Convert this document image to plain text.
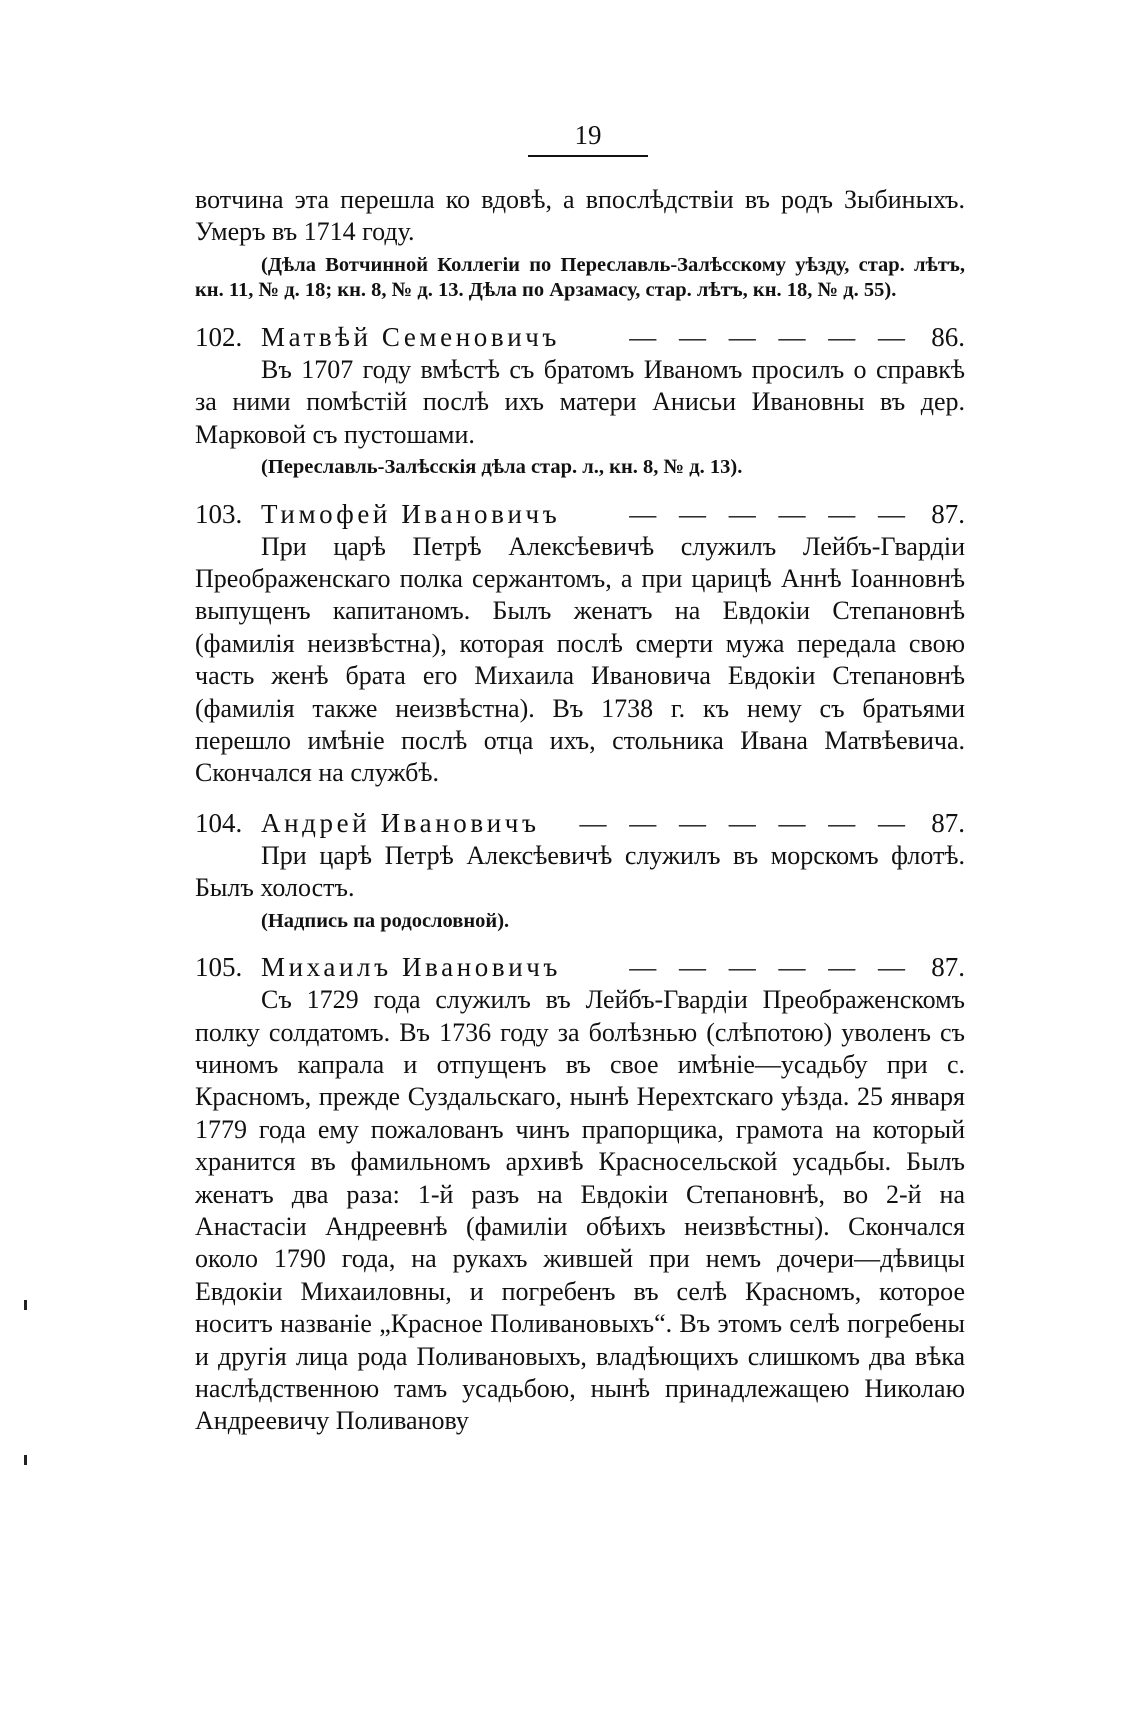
19

вотчина эта перешла ко вдовѣ, а впослѣдствіи въ родъ Зыбиныхъ. Умеръ въ 1714 году.

(Дѣла Вотчинной Коллегіи по Переславль-Залѣсскому уѣзду, стар. лѣтъ, кн. 11, № д. 18; кн. 8, № д. 13. Дѣла по Арзамасу, стар. лѣтъ, кн. 18, № д. 55).

102. Матвѣй Семеновичъ	— — — — — — 86.

Въ 1707 году вмѣстѣ съ братомъ Иваномъ просилъ о справкѣ за ними помѣстій послѣ ихъ матери Анисьи Ивановны въ дер. Марковой съ пустошами.

(Переславль-Залѣсскія дѣла стар. л., кн. 8, № д. 13).

103. Тимофей Ивановичъ	— — — — — — 87.

При царѣ Петрѣ Алексѣевичѣ служилъ Лейбъ-Гвардіи Преображенскаго полка сержантомъ, а при царицѣ Аннѣ Іоанновнѣ выпущенъ капитаномъ. Былъ женатъ на Евдокіи Степановнѣ (фамилія неизвѣстна), которая послѣ смерти мужа передала свою часть женѣ брата его Михаила Ивановича Евдокіи Степановнѣ (фамилія также неизвѣстна). Въ 1738 г. къ нему съ братьями перешло имѣніе послѣ отца ихъ, стольника Ивана Матвѣевича. Скончался на службѣ.

104. Андрей Ивановичъ	— — — — — — — 87.

При царѣ Петрѣ Алексѣевичѣ служилъ въ морскомъ флотѣ. Былъ холостъ.

(Надпись па родословной).

105. Михаилъ Ивановичъ	— — — — — — 87.

Съ 1729 года служилъ въ Лейбъ-Гвардіи Преображенскомъ полку солдатомъ. Въ 1736 году за болѣзнью (слѣпотою) уволенъ съ чиномъ капрала и отпущенъ въ свое имѣніе—усадьбу при с. Красномъ, прежде Суздальскаго, нынѣ Нерехтскаго уѣзда. 25 января 1779 года ему пожалованъ чинъ прапорщика, грамота на который хранится въ фамильномъ архивѣ Красносельской усадьбы. Былъ женатъ два раза: 1-й разъ на Евдокіи Степановнѣ, во 2-й на Анастасіи Андреевнѣ (фамиліи обѣихъ неизвѣстны). Скончался около 1790 года, на рукахъ жившей при немъ дочери—дѣвицы Евдокіи Михаиловны, и погребенъ въ селѣ Красномъ, которое носитъ названіе „Красное Поливановыхъ“. Въ этомъ селѣ погребены и другія лица рода Поливановыхъ, владѣющихъ слишкомъ два вѣка наслѣдственною тамъ усадьбою, нынѣ принадлежащею Николаю Андреевичу Поливанову
